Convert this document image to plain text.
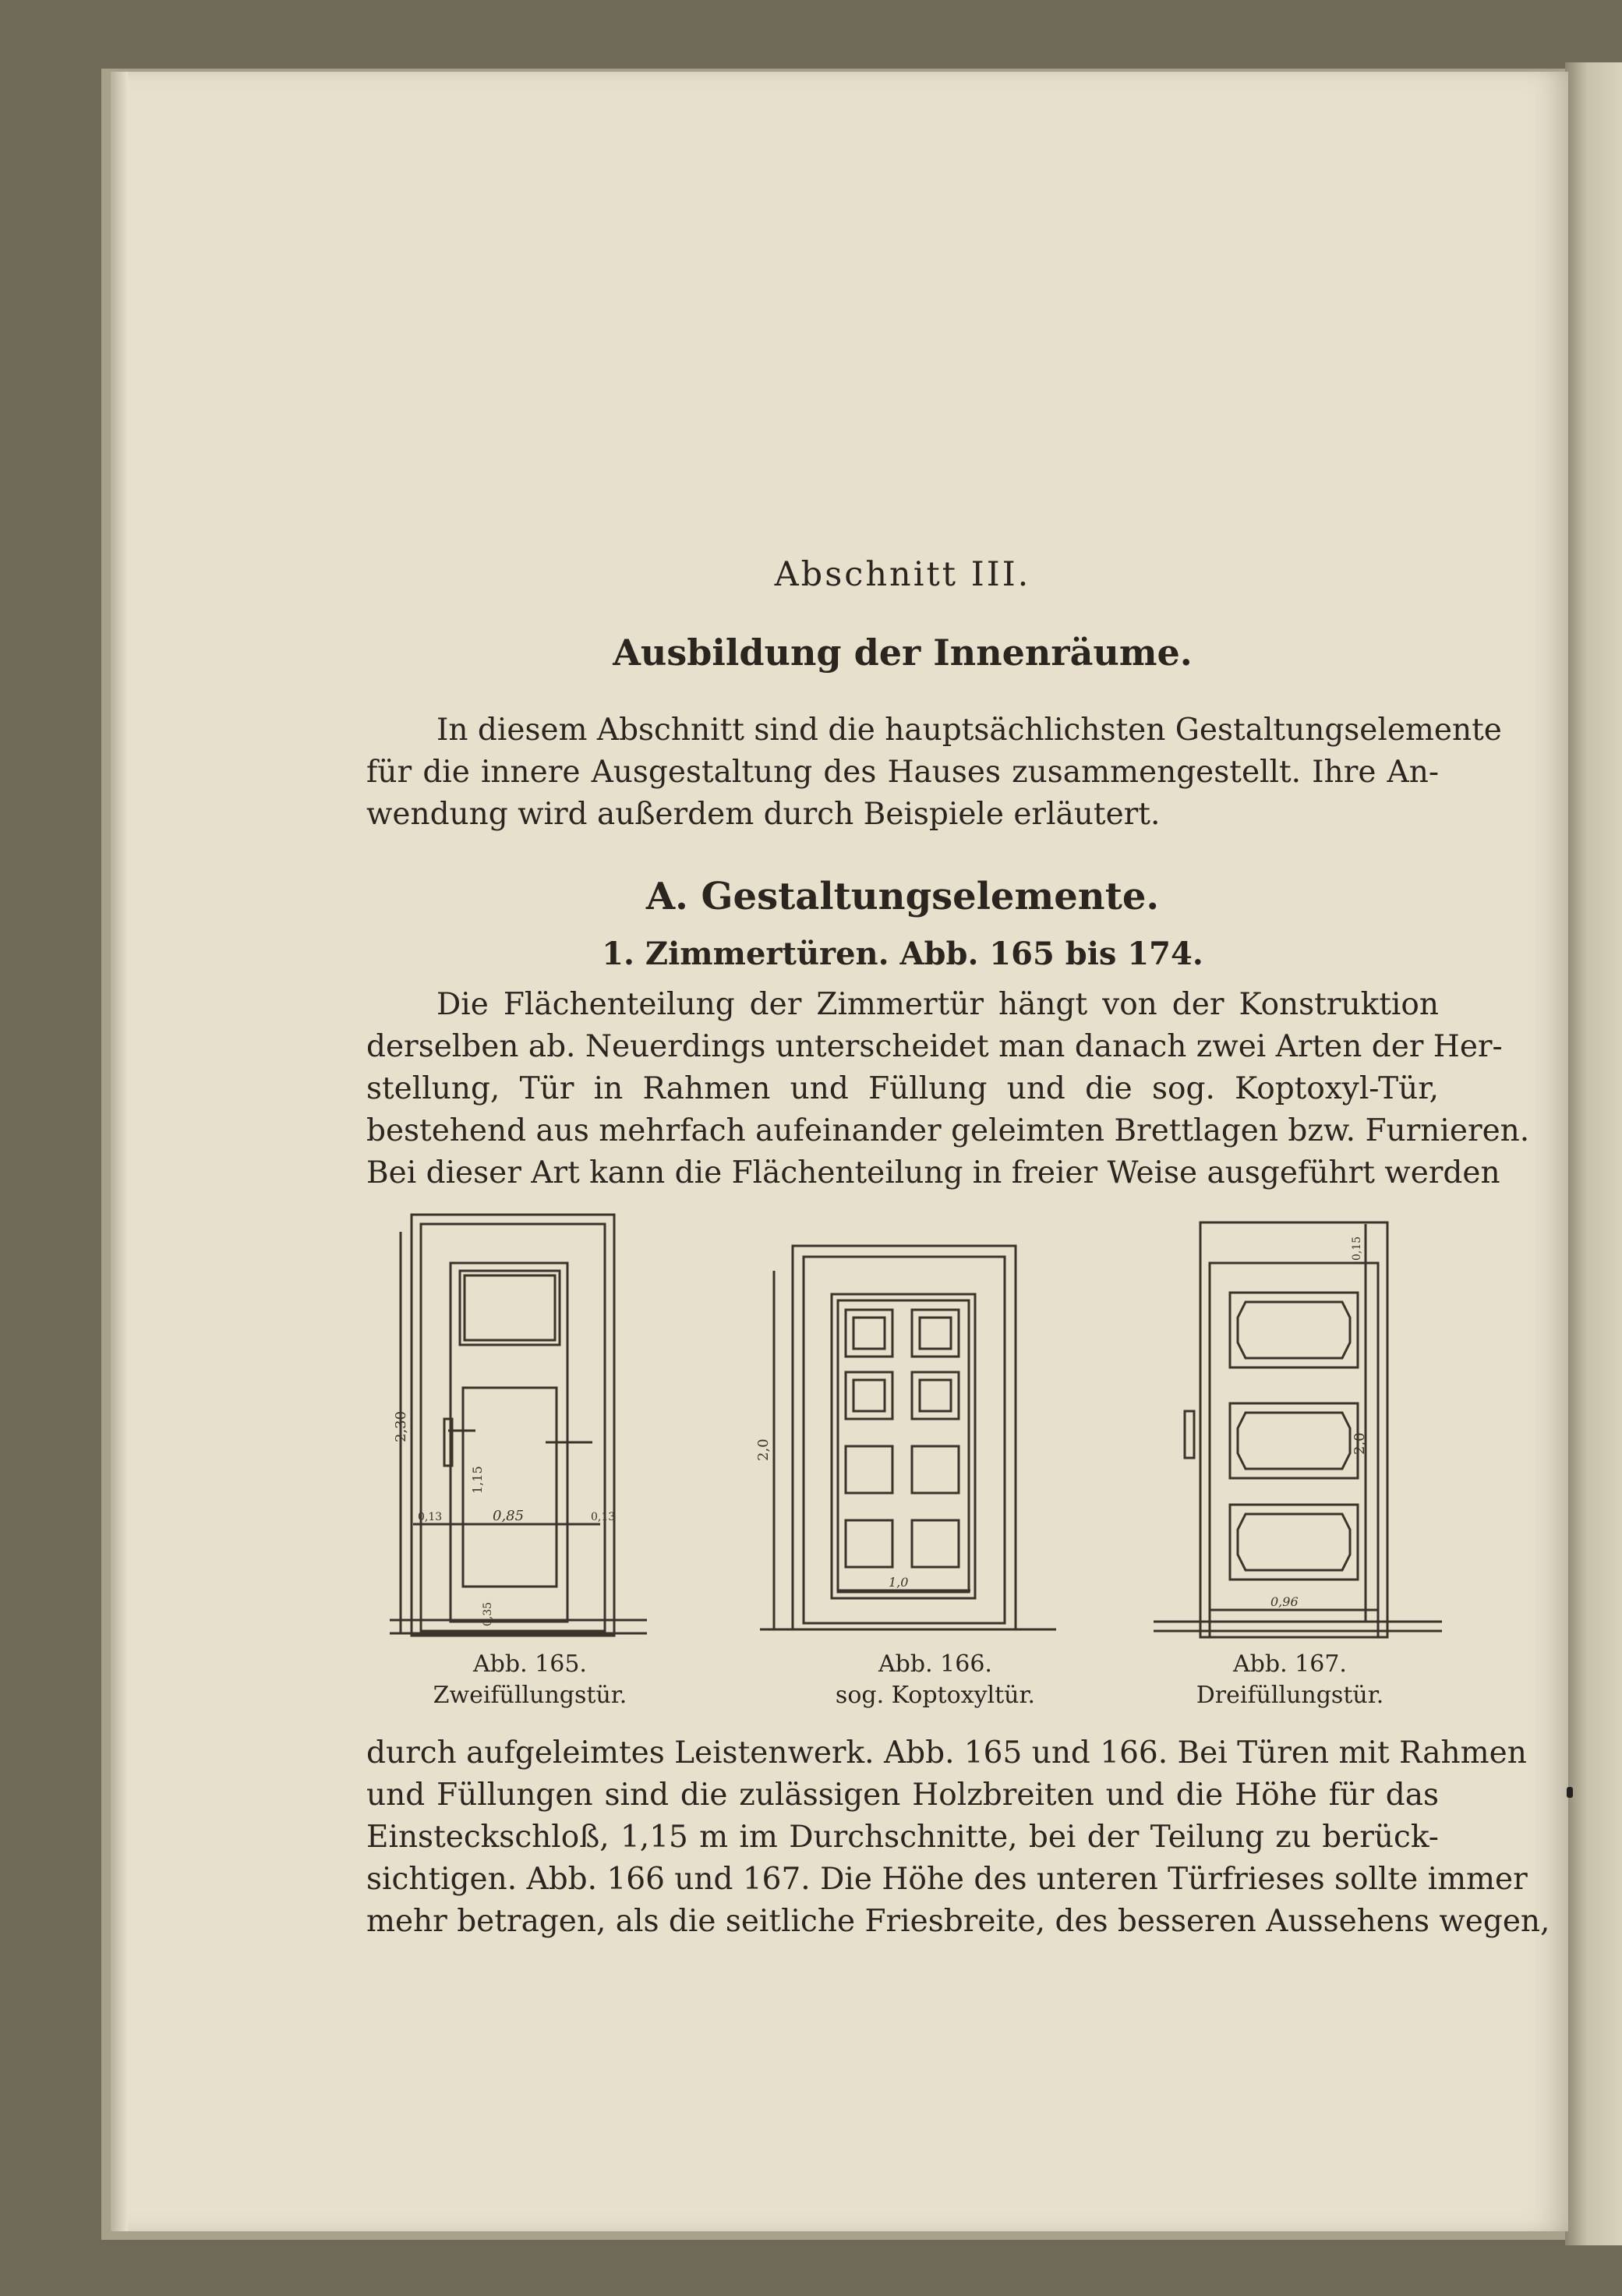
Abschnitt III.
Ausbildung der Innenräume.
In diesem Abschnitt sind die hauptsächlichsten Gestaltungselemente
für die innere Ausgestaltung des Hauses zusammengestellt. Ihre An-
wendung wird außerdem durch Beispiele erläutert.
A. Gestaltungselemente.
1. Zimmertüren. Abb. 165 bis 174.
Die Flächenteilung der Zimmertür hängt von der Konstruktion
derselben ab. Neuerdings unterscheidet man danach zwei Arten der Her-
stellung, Tür in Rahmen und Füllung und die sog. Koptoxyl-Tür,
bestehend aus mehrfach aufeinander geleimten Brettlagen bzw. Furnieren.
Bei dieser Art kann die Flächenteilung in freier Weise ausgeführt werden
2,30
0,85
0,13	0,13
1,15
0,35
Abb. 165.
Zweifüllungstür.
2,0
1,0
Abb. 166.
sog. Koptoxyltür.
0,15
2,0
0,96
Abb. 167.
Dreifüllungstür.
durch aufgeleimtes Leistenwerk. Abb. 165 und 166. Bei Türen mit Rahmen
und Füllungen sind die zulässigen Holzbreiten und die Höhe für das
Einsteckschloß, 1,15 m im Durchschnitte, bei der Teilung zu berück-
sichtigen. Abb. 166 und 167. Die Höhe des unteren Türfrieses sollte immer
mehr betragen, als die seitliche Friesbreite, des besseren Aussehens wegen,
